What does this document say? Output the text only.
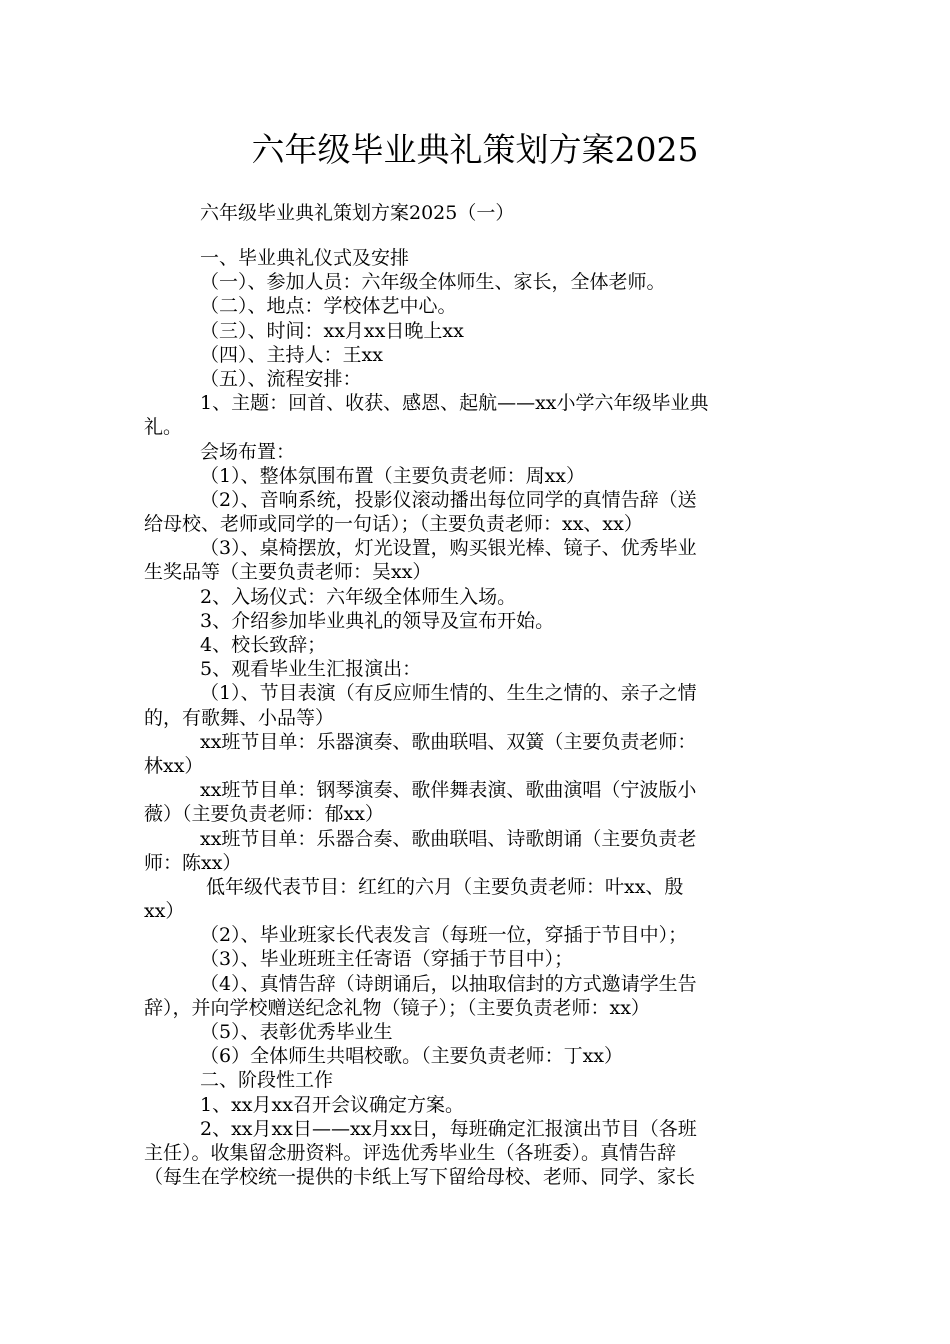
六年级毕业典礼策划方案2025
六年级毕业典礼策划方案2025（一）
一、毕业典礼仪式及安排
（一）、参加人员：六年级全体师生、家长，全体老师。
（二）、地点：学校体艺中心。
（三）、时间：xx月xx日晚上xx
（四）、主持人：王xx
（五）、流程安排：
1、主题：回首、收获、感恩、起航——xx小学六年级毕业典
礼。
会场布置：
（1）、整体氛围布置（主要负责老师：周xx）
（2）、音响系统，投影仪滚动播出每位同学的真情告辞（送
给母校、老师或同学的一句话）；（主要负责老师：xx、xx）
（3）、桌椅摆放，灯光设置，购买银光棒、镜子、优秀毕业
生奖品等（主要负责老师：吴xx）
2、入场仪式：六年级全体师生入场。
3、介绍参加毕业典礼的领导及宣布开始。
4、校长致辞；
5、观看毕业生汇报演出：
（1）、节目表演（有反应师生情的、生生之情的、亲子之情
的，有歌舞、小品等）
xx班节目单：乐器演奏、歌曲联唱、双簧（主要负责老师：
林xx）
xx班节目单：钢琴演奏、歌伴舞表演、歌曲演唱（宁波版小
薇）（主要负责老师：郁xx）
xx班节目单：乐器合奏、歌曲联唱、诗歌朗诵（主要负责老
师：陈xx）
低年级代表节目：红红的六月（主要负责老师：叶xx、殷
xx）
（2）、毕业班家长代表发言（每班一位，穿插于节目中）；
（3）、毕业班班主任寄语（穿插于节目中）；
（4）、真情告辞（诗朗诵后，以抽取信封的方式邀请学生告
辞），并向学校赠送纪念礼物（镜子）；（主要负责老师：xx）
（5）、表彰优秀毕业生
（6）全体师生共唱校歌。（主要负责老师：丁xx）
二、阶段性工作
1、xx月xx召开会议确定方案。
2、xx月xx日——xx月xx日，每班确定汇报演出节目（各班
主任）。收集留念册资料。评选优秀毕业生（各班委）。真情告辞
（每生在学校统一提供的卡纸上写下留给母校、老师、同学、家长
